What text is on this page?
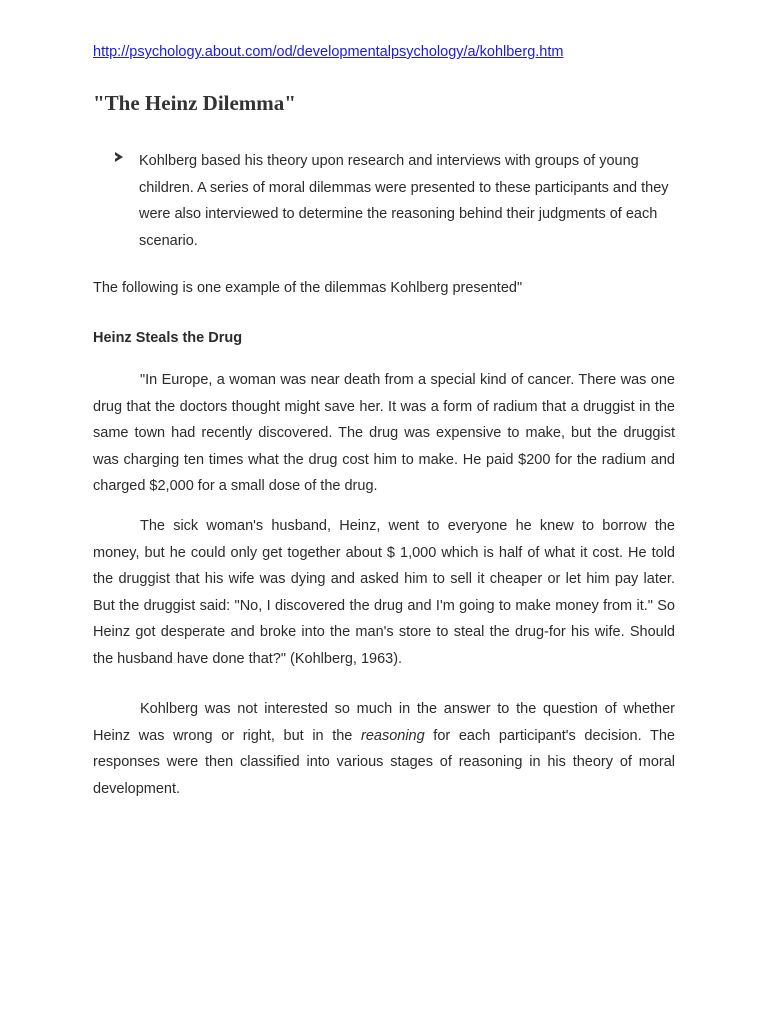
http://psychology.about.com/od/developmentalpsychology/a/kohlberg.htm
"The Heinz Dilemma"

Kohlberg based his theory upon research and interviews with groups of young children. A series of moral dilemmas were presented to these participants and they were also interviewed to determine the reasoning behind their judgments of each scenario.

The following is one example of the dilemmas Kohlberg presented"

Heinz Steals the Drug

"In Europe, a woman was near death from a special kind of cancer. There was one drug that the doctors thought might save her. It was a form of radium that a druggist in the same town had recently discovered. The drug was expensive to make, but the druggist was charging ten times what the drug cost him to make. He paid $200 for the radium and charged $2,000 for a small dose of the drug.

The sick woman's husband, Heinz, went to everyone he knew to borrow the money, but he could only get together about $ 1,000 which is half of what it cost. He told the druggist that his wife was dying and asked him to sell it cheaper or let him pay later. But the druggist said: "No, I discovered the drug and I'm going to make money from it." So Heinz got desperate and broke into the man's store to steal the drug-for his wife. Should the husband have done that?" (Kohlberg, 1963).

Kohlberg was not interested so much in the answer to the question of whether Heinz was wrong or right, but in the reasoning for each participant's decision. The responses were then classified into various stages of reasoning in his theory of moral development.
